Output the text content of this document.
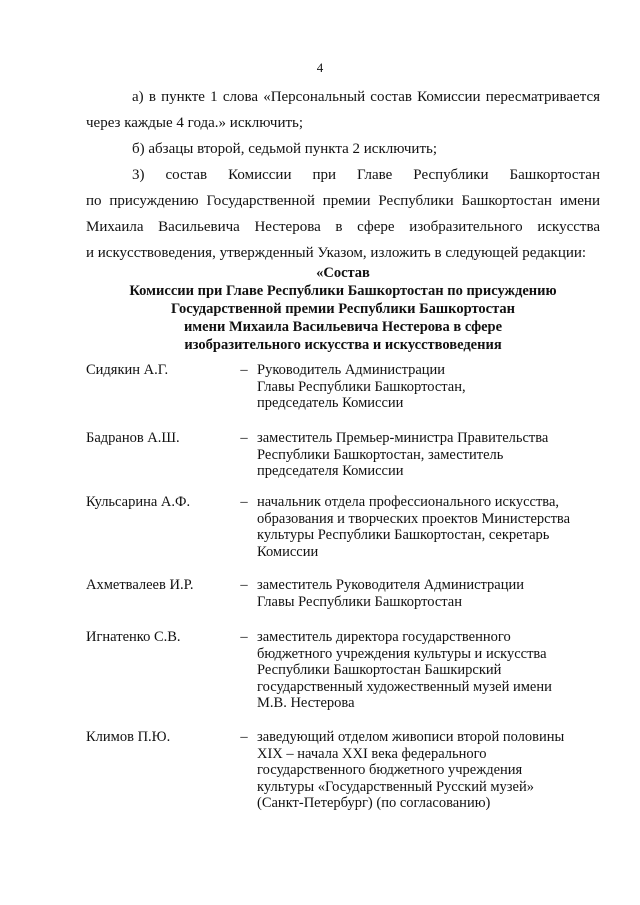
4

а) в пункте 1 слова «Персональный состав Комиссии пересматривается

через каждые 4 года.» исключить;

б) абзацы второй, седьмой пункта 2 исключить;

3) состав Комиссии при Главе Республики Башкортостан

по присуждению Государственной премии Республики Башкортостан имени

Михаила Васильевича Нестерова в сфере изобразительного искусства

и искусствоведения, утвержденный Указом, изложить в следующей редакции:

«Состав
Комиссии при Главе Республики Башкортостан по присуждению
Государственной премии Республики Башкортостан
имени Михаила Васильевича Нестерова в сфере
изобразительного искусства и искусствоведения
Сидякин А.Г.	– Руководитель Администрации
Главы Республики Башкортостан,
председатель Комиссии
Бадранов А.Ш.	– заместитель Премьер-министра Правительства
Республики Башкортостан, заместитель
председателя Комиссии
Кульсарина А.Ф.	– начальник отдела профессионального искусства,
образования и творческих проектов Министерства
культуры Республики Башкортостан, секретарь
Комиссии
Ахметвалеев И.Р.	– заместитель Руководителя Администрации
Главы Республики Башкортостан
Игнатенко С.В.	– заместитель директора государственного
бюджетного учреждения культуры и искусства
Республики Башкортостан Башкирский
государственный художественный музей имени
М.В. Нестерова
Климов П.Ю.	– заведующий отделом живописи второй половины
XIX – начала XXI века федерального
государственного бюджетного учреждения
культуры «Государственный Русский музей»
(Санкт-Петербург) (по согласованию)
